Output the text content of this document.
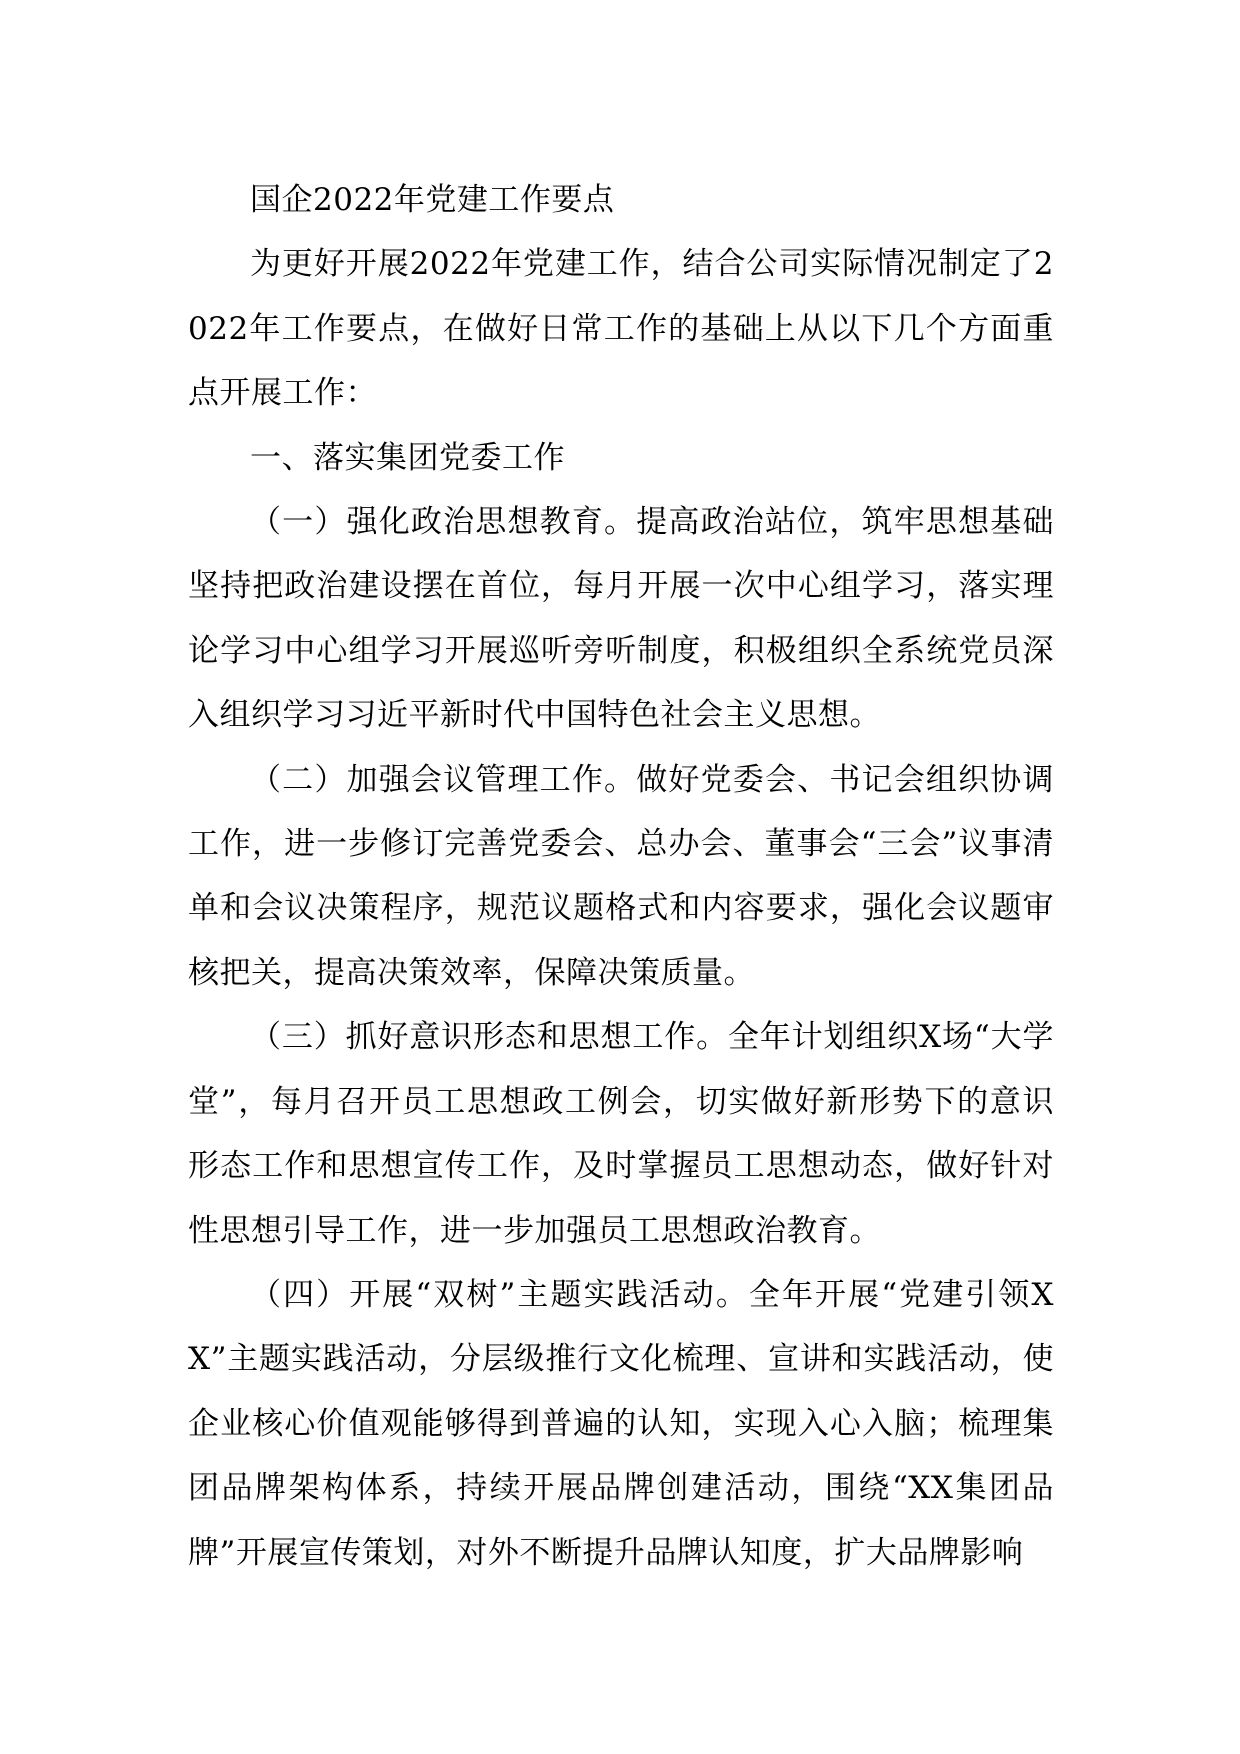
国企2022年党建工作要点

为更好开展2022年党建工作，结合公司实际情况制定了2022年工作要点，在做好日常工作的基础上从以下几个方面重点开展工作：

一、落实集团党委工作

（一）强化政治思想教育。提高政治站位，筑牢思想基础坚持把政治建设摆在首位，每月开展一次中心组学习，落实理论学习中心组学习开展巡听旁听制度，积极组织全系统党员深入组织学习习近平新时代中国特色社会主义思想。

（二）加强会议管理工作。做好党委会、书记会组织协调工作，进一步修订完善党委会、总办会、董事会“三会”议事清单和会议决策程序，规范议题格式和内容要求，强化会议题审核把关，提高决策效率，保障决策质量。

（三）抓好意识形态和思想工作。全年计划组织X场“大学堂”，每月召开员工思想政工例会，切实做好新形势下的意识形态工作和思想宣传工作，及时掌握员工思想动态，做好针对性思想引导工作，进一步加强员工思想政治教育。

（四）开展“双树”主题实践活动。全年开展“党建引领XX”主题实践活动，分层级推行文化梳理、宣讲和实践活动，使企业核心价值观能够得到普遍的认知，实现入心入脑；梳理集团品牌架构体系，持续开展品牌创建活动，围绕“XX集团品牌”开展宣传策划，对外不断提升品牌认知度，扩大品牌影响
